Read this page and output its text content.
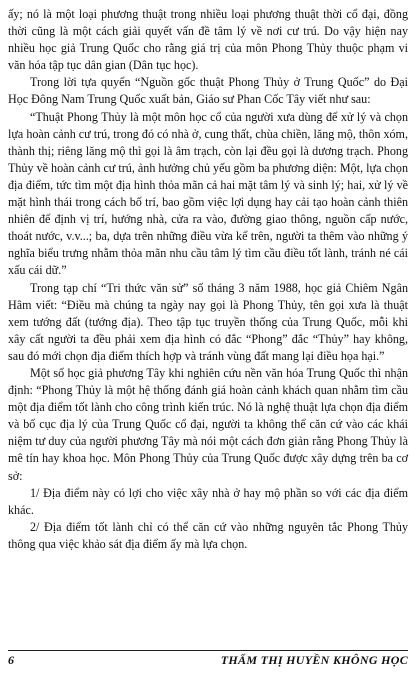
ấy; nó là một loại phương thuật trong nhiều loại phương thuật thời cổ đại, đồng thời cũng là một cách giải quyết vấn đề tâm lý về nơi cư trú. Do vậy hiện nay nhiều học giả Trung Quốc cho rằng giá trị của môn Phong Thủy thuộc phạm vi văn hóa tập tục dân gian (Dân tục học).

Trong lời tựa quyển “Nguồn gốc thuật Phong Thủy ở Trung Quốc” do Đại Học Đông Nam Trung Quốc xuất bản, Giáo sư Phan Cốc Tây viết như sau:

“Thuật Phong Thủy là một môn học cổ của người xưa dùng để xử lý và chọn lựa hoàn cảnh cư trú, trong đó có nhà ở, cung thất, chùa chiền, lăng mộ, thôn xóm, thành thị; riêng lăng mộ thì gọi là âm trạch, còn lại đều gọi là dương trạch. Phong Thủy về hoàn cảnh cư trú, ảnh hưởng chủ yếu gồm ba phương diện: Một, lựa chọn địa điểm, tức tìm một địa hình thỏa mãn cả hai mặt tâm lý và sinh lý; hai, xử lý về mặt hình thái trong cách bố trí, bao gồm việc lợi dụng hay cải tạo hoàn cảnh thiên nhiên để định vị trí, hướng nhà, cửa ra vào, đường giao thông, nguồn cấp nước, thoát nước, v.v...; ba, dựa trên những điều vừa kể trên, người ta thêm vào những ý nghĩa biểu trưng nhằm thỏa mãn nhu cầu tâm lý tìm cầu điều tốt lành, tránh né cái xấu cái dữ.”

Trong tạp chí “Tri thức văn sử” số tháng 3 năm 1988, học giả Chiêm Ngân Hâm viết: “Điều mà chúng ta ngày nay gọi là Phong Thủy, tên gọi xưa là thuật xem tướng đất (tướng địa). Theo tập tục truyền thống của Trung Quốc, mỗi khi xây cất người ta đều phải xem địa hình có đắc “Phong” đắc “Thủy” hay không, sau đó mới chọn địa điểm thích hợp và tránh vùng đất mang lại điều họa hại.”

Một số học giả phương Tây khi nghiên cứu nền văn hóa Trung Quốc thì nhận định: “Phong Thủy là một hệ thống đánh giá hoàn cảnh khách quan nhằm tìm cầu một địa điểm tốt lành cho công trình kiến trúc. Nó là nghệ thuật lựa chọn địa điểm và bố cục địa lý của Trung Quốc cổ đại, người ta không thể căn cứ vào các khái niệm tư duy của người phương Tây mà nói một cách đơn giản rằng Phong Thủy là mê tín hay khoa học. Môn Phong Thủy của Trung Quốc được xây dựng trên ba cơ sở:

1/ Địa điểm này có lợi cho việc xây nhà ở hay mộ phần so với các địa điểm khác.

2/ Địa điểm tốt lành chỉ có thể căn cứ vào những nguyên tắc Phong Thủy thông qua việc khảo sát địa điểm ấy mà lựa chọn.

6	THẨM THỊ HUYỀN KHÔNG HỌC
